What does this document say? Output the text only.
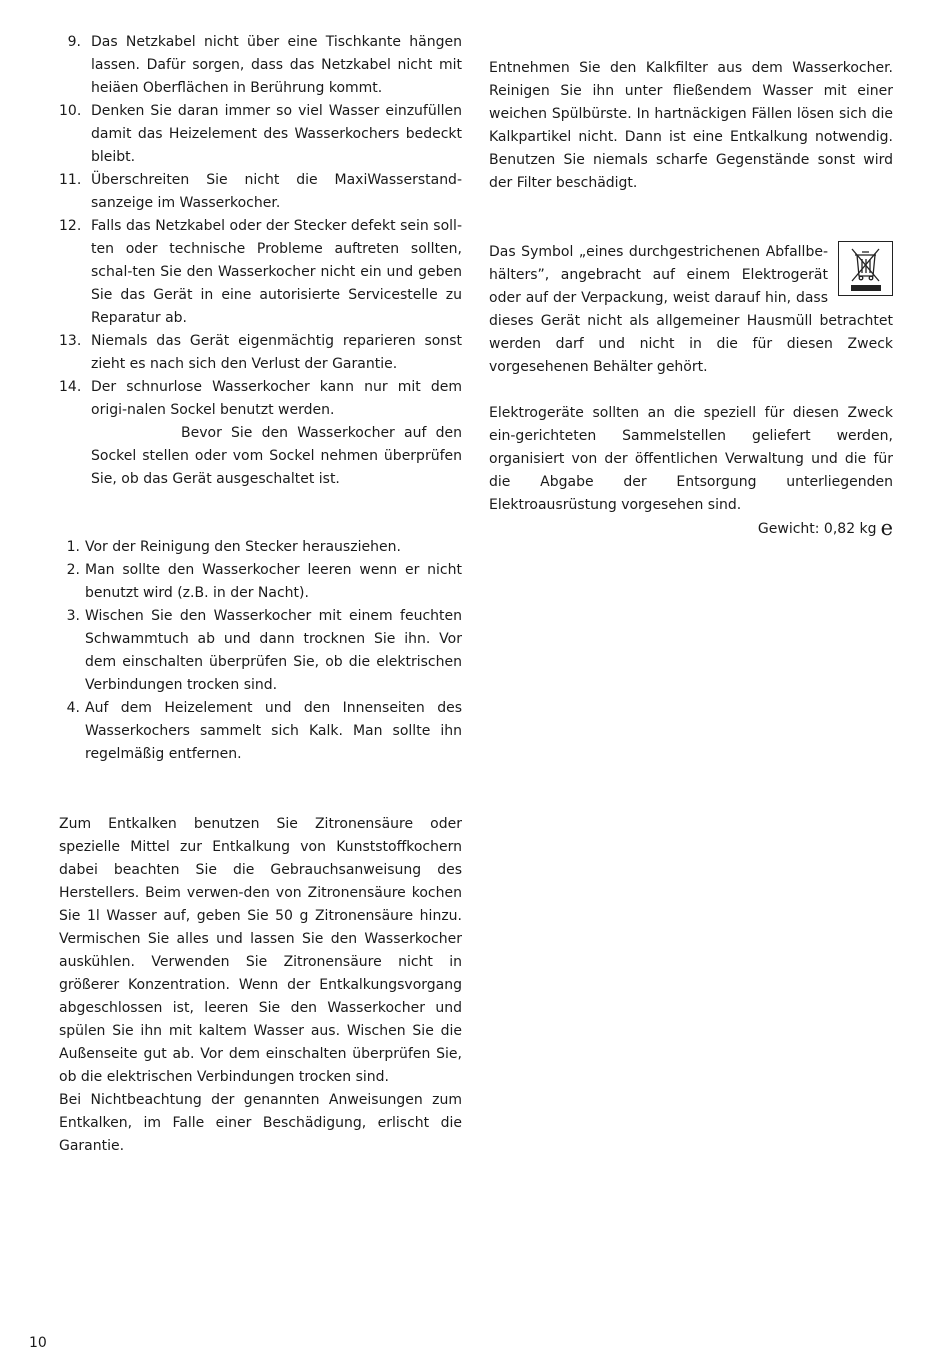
9. Das Netzkabel nicht über eine Tischkante hängen lassen. Dafür sorgen, dass das Netzkabel nicht mit heiäen Oberflächen in Berührung kommt.
10. Denken Sie daran immer so viel Wasser einzufüllen damit das Heizelement des Wasserkochers bedeckt bleibt.
11. Überschreiten Sie nicht die MaxiWasserstand-sanzeige im Wasserkocher.
12. Falls das Netzkabel oder der Stecker defekt sein soll-ten oder technische Probleme auftreten sollten, schal-ten Sie den Wasserkocher nicht ein und geben Sie das Gerät in eine autorisierte Servicestelle zu Reparatur ab.
13. Niemals das Gerät eigenmächtig reparieren sonst zieht es nach sich den Verlust der Garantie.
14. Der schnurlose Wasserkocher kann nur mit dem origi-nalen Sockel benutzt werden.

Bevor Sie den Wasserkocher auf den Sockel stellen oder vom Sockel nehmen überprüfen Sie, ob das Gerät ausgeschaltet ist.

1. Vor der Reinigung den Stecker herausziehen.
2. Man sollte den Wasserkocher leeren wenn er nicht benutzt wird (z.B. in der Nacht).
3. Wischen Sie den Wasserkocher mit einem feuchten Schwammtuch ab und dann trocknen Sie ihn. Vor dem einschalten überprüfen Sie, ob die elektrischen Verbindungen trocken sind.
4. Auf dem Heizelement und den Innenseiten des Wasserkochers sammelt sich Kalk. Man sollte ihn regelmäßig entfernen.

Zum Entkalken benutzen Sie Zitronensäure oder spezielle Mittel zur Entkalkung von Kunststoffkochern dabei beachten Sie die Gebrauchsanweisung des Herstellers. Beim verwen-den von Zitronensäure kochen Sie 1l Wasser auf, geben Sie 50 g Zitronensäure hinzu. Vermischen Sie alles und lassen Sie den Wasserkocher auskühlen. Verwenden Sie Zitronensäure nicht in größerer Konzentration. Wenn der Entkalkungsvorgang abgeschlossen ist, leeren Sie den Wasserkocher und spülen Sie ihn mit kaltem Wasser aus. Wischen Sie die Außenseite gut ab. Vor dem einschalten überprüfen Sie, ob die elektrischen Verbindungen trocken sind.

Bei Nichtbeachtung der genannten Anweisungen zum Entkalken, im Falle einer Beschädigung, erlischt die Garantie.

Entnehmen Sie den Kalkfilter aus dem Wasserkocher. Reinigen Sie ihn unter fließendem Wasser mit einer weichen Spülbürste. In hartnäckigen Fällen lösen sich die Kalkpartikel nicht. Dann ist eine Entkalkung notwendig. Benutzen Sie niemals scharfe Gegenstände sonst wird der Filter beschädigt.

Das Symbol „eines durchgestrichenen Abfallbe-hälters”, angebracht auf einem Elektrogerät oder auf der Verpackung, weist darauf hin, dass dieses Gerät nicht als allgemeiner Hausmüll betrachtet werden darf und nicht in die für diesen Zweck vorgesehenen Behälter gehört.

Elektrogeräte sollten an die speziell für diesen Zweck ein-gerichteten Sammelstellen geliefert werden, organisiert von der öffentlichen Verwaltung und die für die Abgabe der Entsorgung unterliegenden Elektroausrüstung vorgesehen sind.

Gewicht: 0,82 kg e

10
